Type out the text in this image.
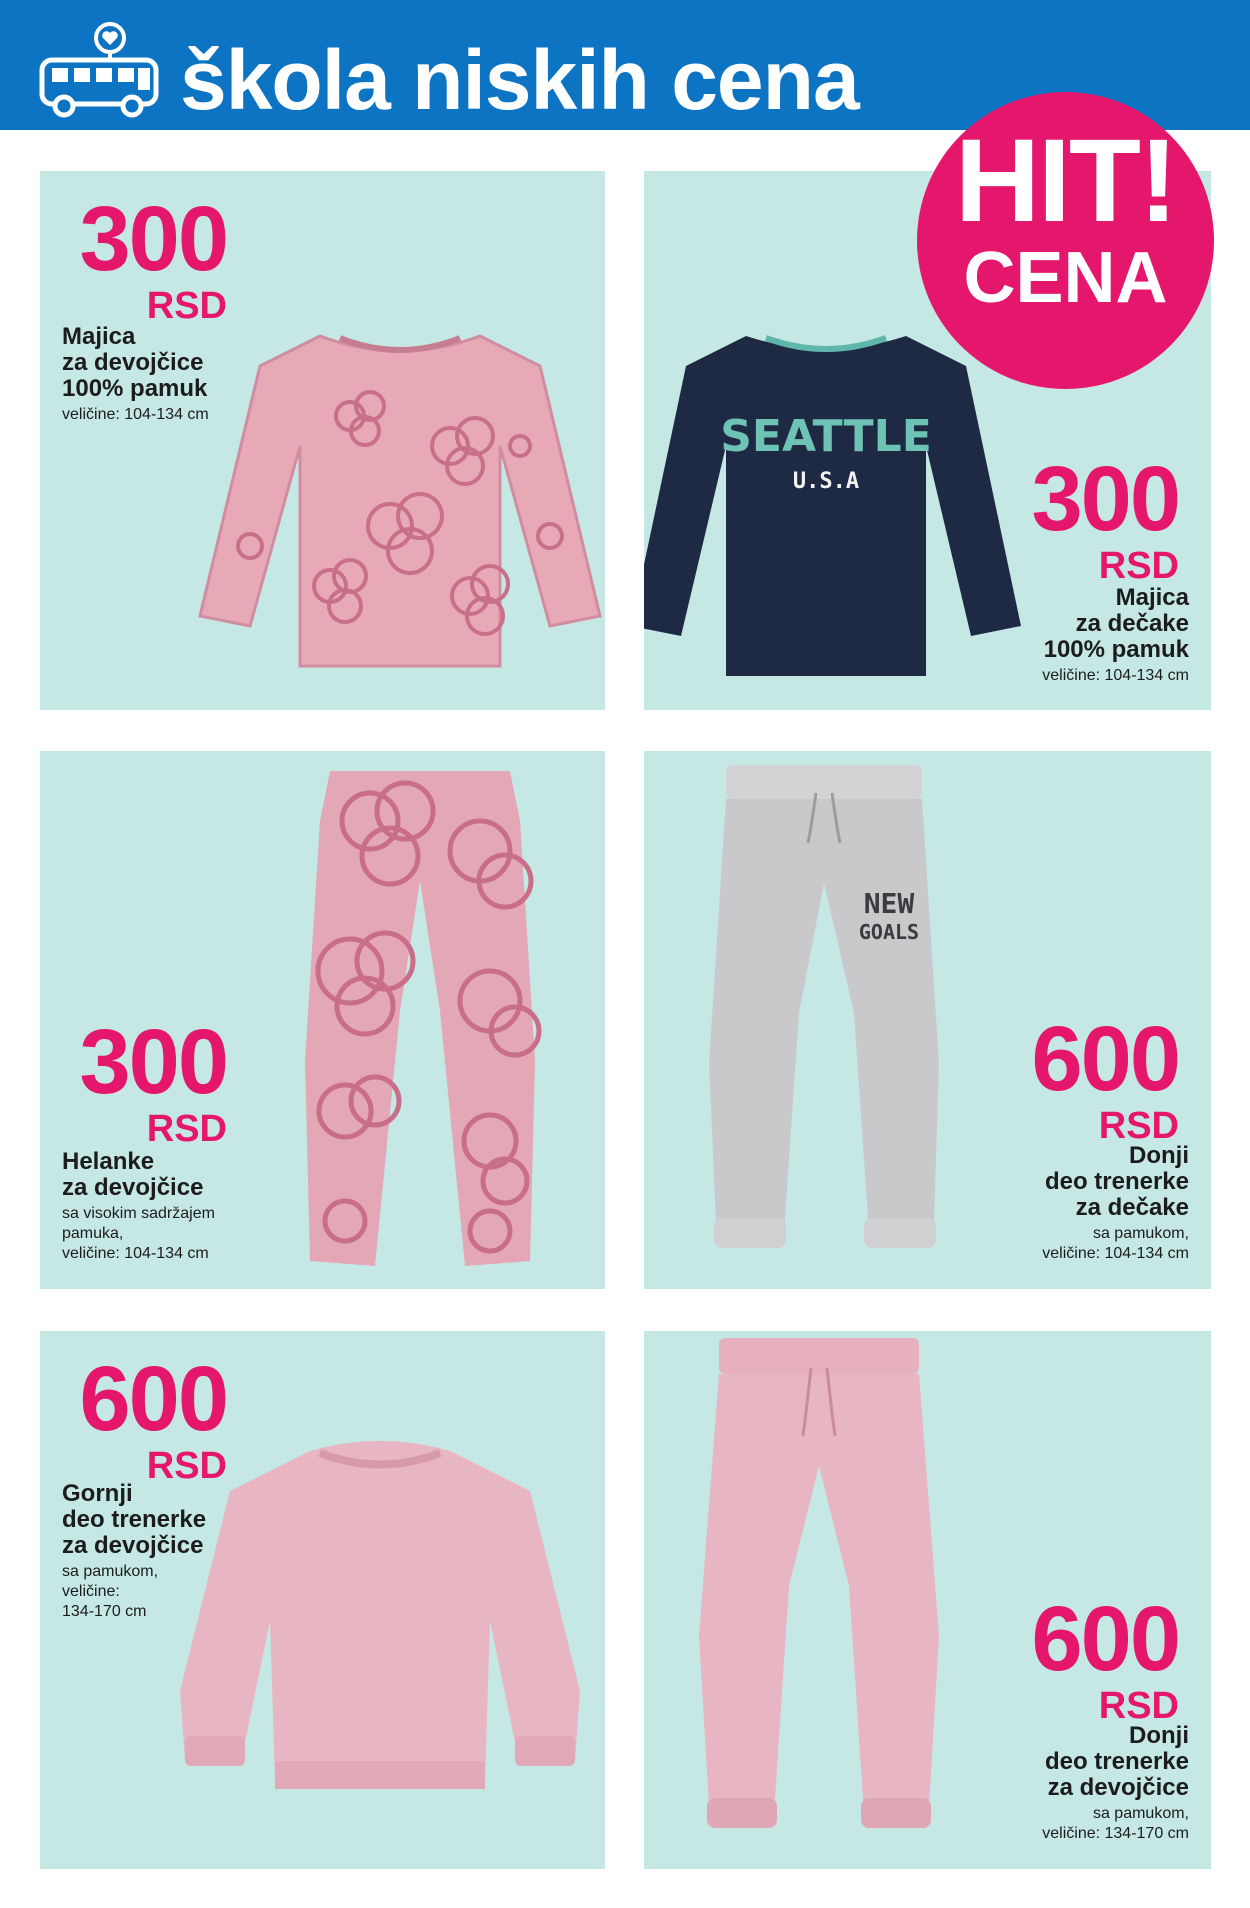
škola niskih cena
300
RSD
Majica
za devojčice
100% pamuk
veličine: 104-134 cm	SEATTLE
U.S.A 300
RSD
Majica
za dečake
100% pamuk
veličine: 104-134 cm
300
RSD
Helanke
za devojčice
sa visokim sadržajem
pamuka,
veličine: 104-134 cm
NEW
GOALS
600
RSD
Donji
deo trenerke
za dečake
sa pamukom,
veličine: 104-134 cm
600
RSD
Gornji
deo trenerke
za devojčice
sa pamukom,
veličine:
134-170 cm	600
RSD
Donji
deo trenerke
za devojčice
sa pamukom,
veličine: 134-170 cm
HIT!
CENA
